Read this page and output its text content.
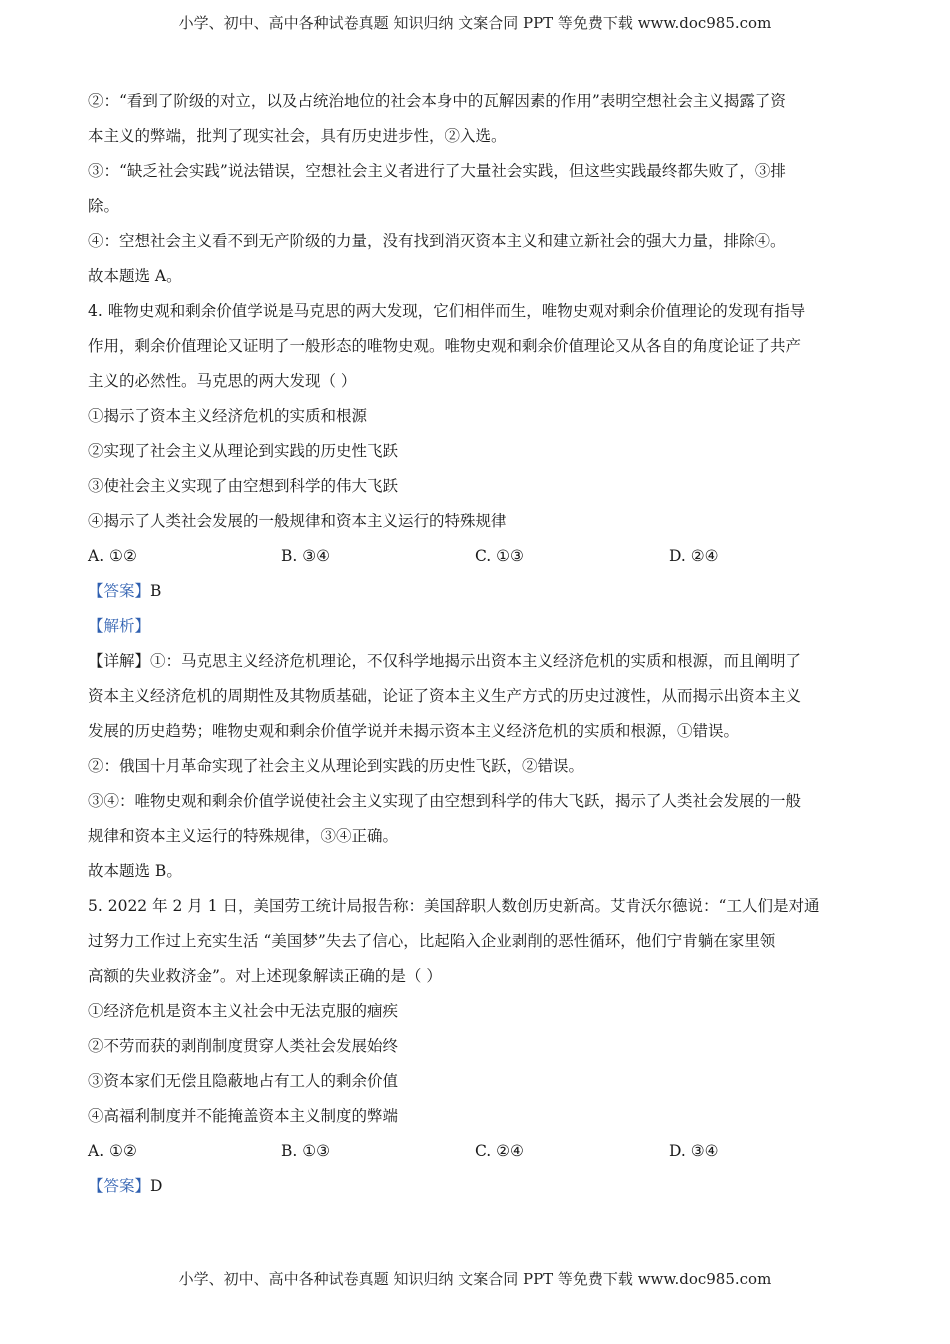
小学、初中、高中各种试卷真题 知识归纳 文案合同 PPT 等免费下载 www.doc985.com

②：“看到了阶级的对立，以及占统治地位的社会本身中的瓦解因素的作用”表明空想社会主义揭露了资

本主义的弊端，批判了现实社会，具有历史进步性，②入选。

③：“缺乏社会实践”说法错误，空想社会主义者进行了大量社会实践，但这些实践最终都失败了，③排

除。

④：空想社会主义看不到无产阶级的力量，没有找到消灭资本主义和建立新社会的强大力量，排除④。

故本题选 A。

4. 唯物史观和剩余价值学说是马克思的两大发现，它们相伴而生，唯物史观对剩余价值理论的发现有指导

作用，剩余价值理论又证明了一般形态的唯物史观。唯物史观和剩余价值理论又从各自的角度论证了共产

主义的必然性。马克思的两大发现（ ）

①揭示了资本主义经济危机的实质和根源

②实现了社会主义从理论到实践的历史性飞跃

③使社会主义实现了由空想到科学的伟大飞跃

④揭示了人类社会发展的一般规律和资本主义运行的特殊规律

A. ①②	B. ③④	C. ①③	D. ②④

【答案】B

【解析】

【详解】①：马克思主义经济危机理论，不仅科学地揭示出资本主义经济危机的实质和根源，而且阐明了

资本主义经济危机的周期性及其物质基础，论证了资本主义生产方式的历史过渡性，从而揭示出资本主义

发展的历史趋势；唯物史观和剩余价值学说并未揭示资本主义经济危机的实质和根源，①错误。

②：俄国十月革命实现了社会主义从理论到实践的历史性飞跃，②错误。

③④：唯物史观和剩余价值学说使社会主义实现了由空想到科学的伟大飞跃，揭示了人类社会发展的一般

规律和资本主义运行的特殊规律，③④正确。

故本题选 B。

5. 2022 年 2 月 1 日，美国劳工统计局报告称：美国辞职人数创历史新高。艾肯沃尔德说：“工人们是对通

过努力工作过上充实生活 “美国梦”失去了信心，比起陷入企业剥削的恶性循环，他们宁肯躺在家里领

高额的失业救济金”。对上述现象解读正确的是（ ）

①经济危机是资本主义社会中无法克服的痼疾

②不劳而获的剥削制度贯穿人类社会发展始终

③资本家们无偿且隐蔽地占有工人的剩余价值

④高福利制度并不能掩盖资本主义制度的弊端

A. ①②	B. ①③	C. ②④	D. ③④

【答案】D

小学、初中、高中各种试卷真题 知识归纳 文案合同 PPT 等免费下载 www.doc985.com
